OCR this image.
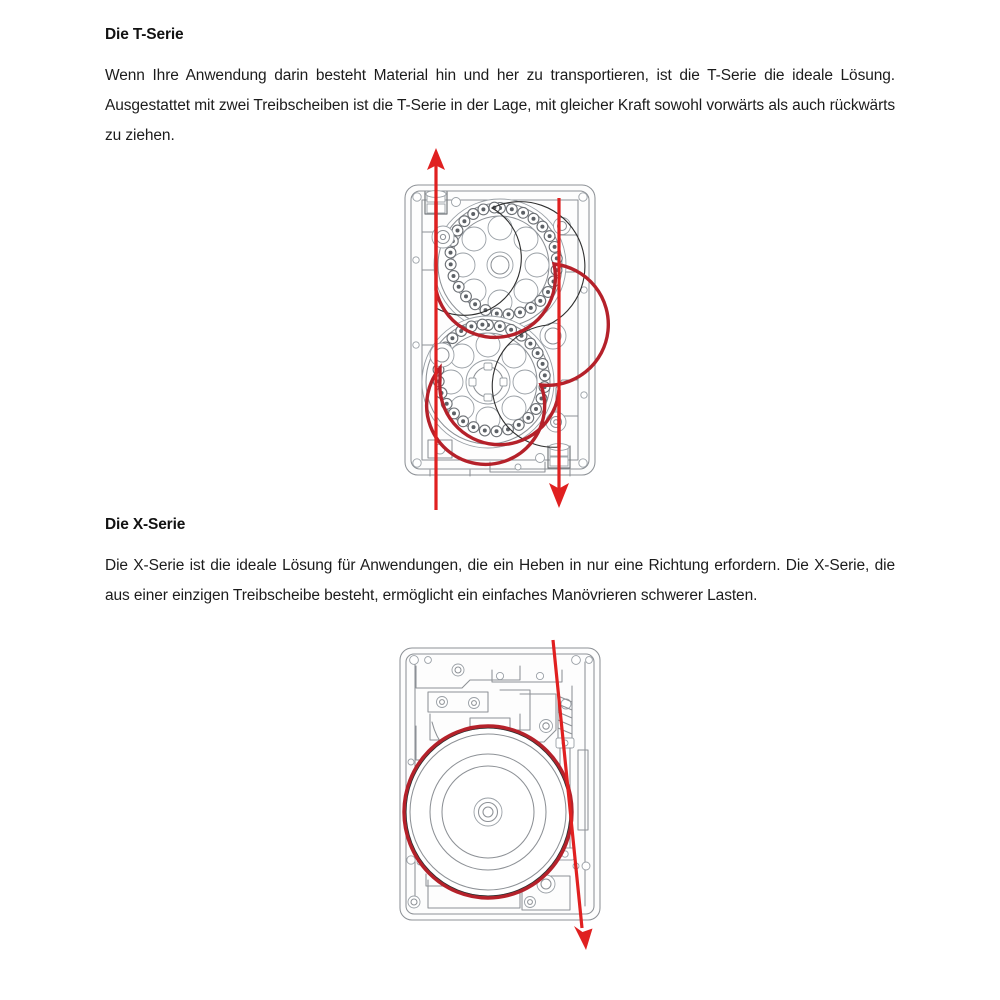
Die T-Serie

Wenn Ihre Anwendung darin besteht Material hin und her zu transportieren, ist die T-Serie die ideale Lösung. Ausgestattet mit zwei Treibscheiben ist die T-Serie in der Lage, mit gleicher Kraft sowohl vorwärts als auch rückwärts zu ziehen.

Die X-Serie

Die X-Serie ist die ideale Lösung für Anwendungen, die ein Heben in nur eine Richtung erfordern. Die X-Serie, die aus einer einzigen Treibscheibe besteht, ermöglicht ein einfaches Manövrieren schwerer Lasten.
